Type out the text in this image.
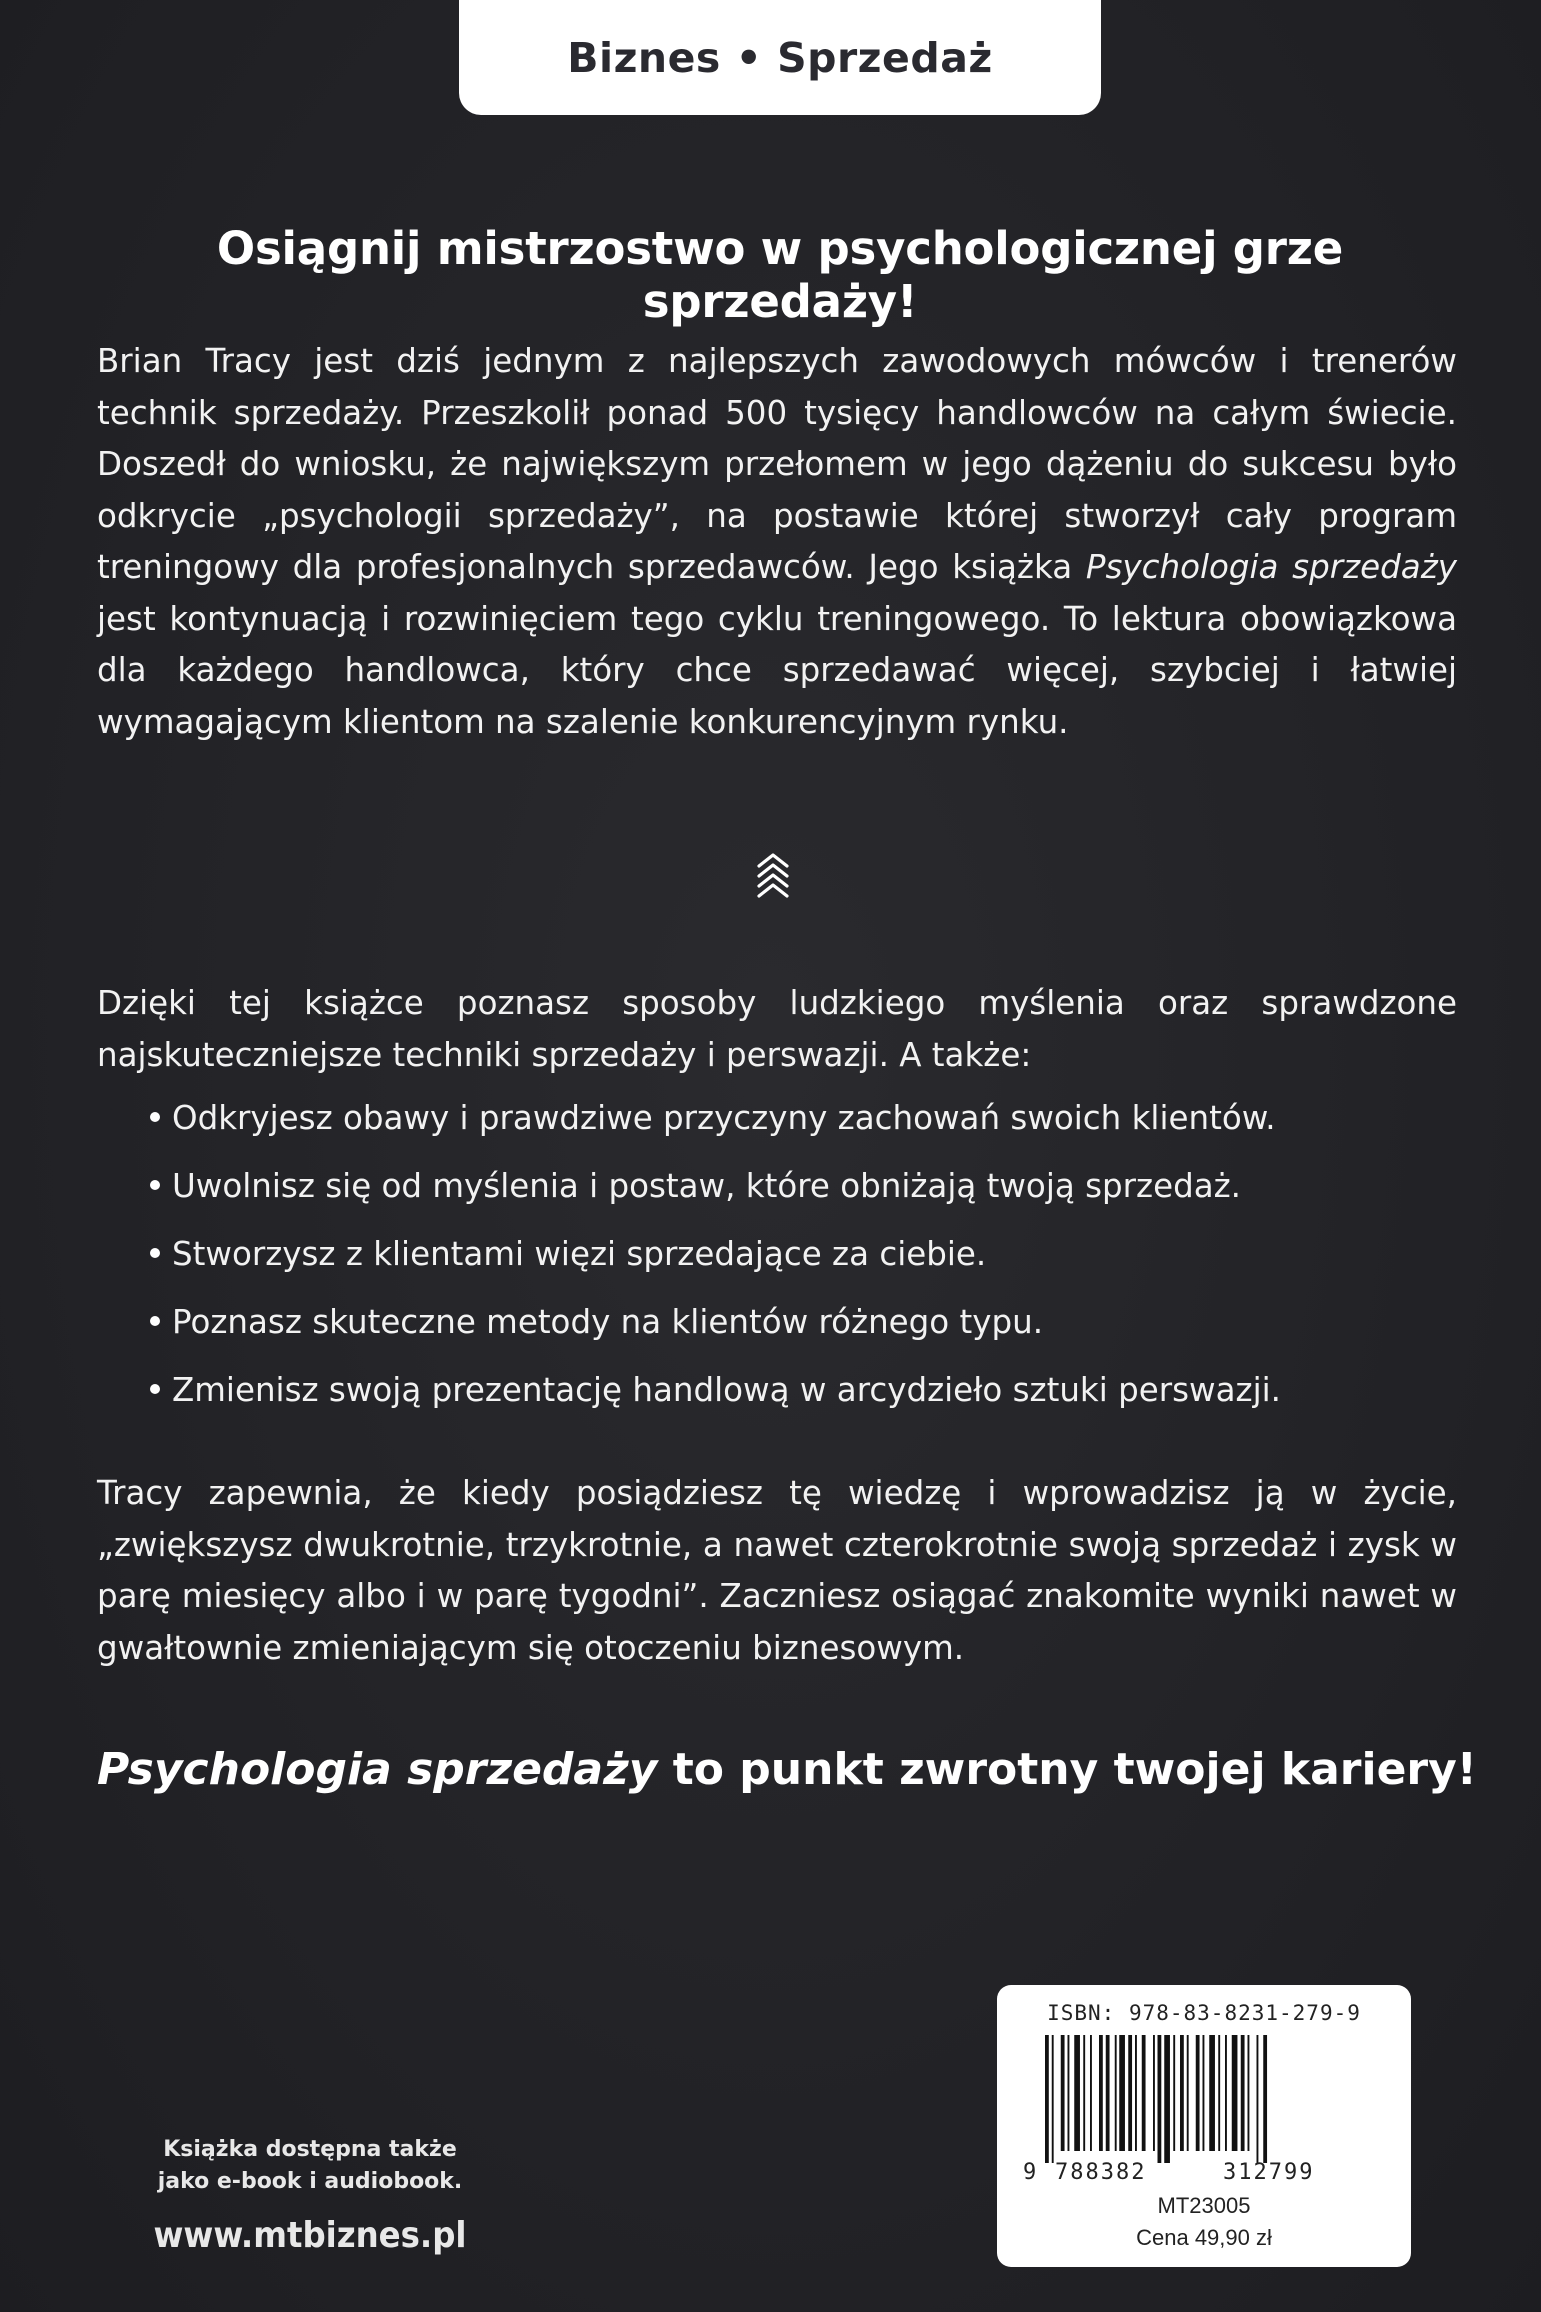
Biznes • Sprzedaż
Osiągnij mistrzostwo w psychologicznej grze sprzedaży!

Brian Tracy jest dziś jednym z najlepszych zawodowych mówców i trenerów technik sprzedaży. Przeszkolił ponad 500 tysięcy handlowców na całym świecie. Doszedł do wniosku, że największym przełomem w jego dążeniu do sukcesu było odkrycie „psychologii sprzedaży”, na postawie której stworzył cały program treningowy dla profesjonalnych sprzedawców. Jego książka Psychologia sprzedaży jest kontynuacją i rozwinięciem tego cyklu treningowego. To lektura obowiązkowa dla każdego handlowca, który chce sprzedawać więcej, szybciej i łatwiej wymagającym klientom na szalenie konkurencyjnym rynku.

Dzięki tej książce poznasz sposoby ludzkiego myślenia oraz sprawdzone najskuteczniejsze techniki sprzedaży i perswazji. A także:

Odkryjesz obawy i prawdziwe przyczyny zachowań swoich klientów.
Uwolnisz się od myślenia i postaw, które obniżają twoją sprzedaż.
Stworzysz z klientami więzi sprzedające za ciebie.
Poznasz skuteczne metody na klientów różnego typu.
Zmienisz swoją prezentację handlową w arcydzieło sztuki perswazji.

Tracy zapewnia, że kiedy posiądziesz tę wiedzę i wprowadzisz ją w życie, „zwiększysz dwukrotnie, trzykrotnie, a nawet czterokrotnie swoją sprzedaż i zysk w parę miesięcy albo i w parę tygodni”. Zaczniesz osiągać znakomite wyniki nawet w gwałtownie zmieniającym się otoczeniu biznesowym.

Psychologia sprzedaży to punkt zwrotny twojej kariery!
Książka dostępna także
jako e-book i audiobook.
www.mtbiznes.pl
ISBN: 978-83-8231-279-9
9 788382	312799
MT23005
Cena 49,90 zł
